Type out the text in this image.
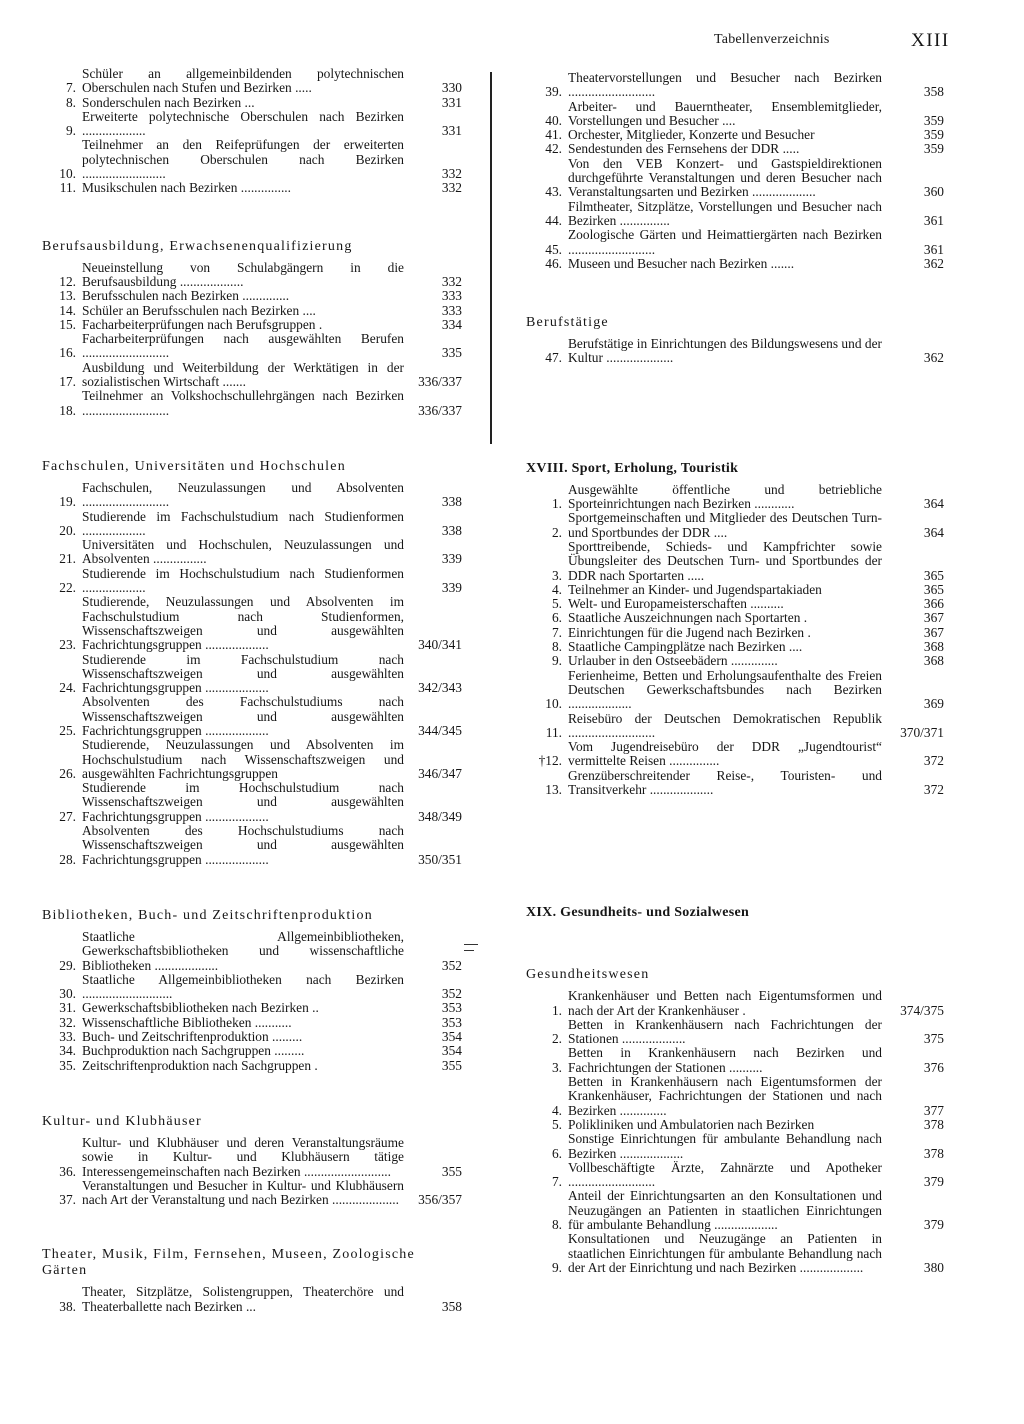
Tabellenverzeichnis	XIII
7.
Schüler an allgemeinbildenden polytechnischen Oberschulen nach Stufen und Bezirken .....	330
8. Sonderschulen nach Bezirken ...	331
9.
Erweiterte polytechnische Oberschulen nach Bezirken ...................	331
10.
Teilnehmer an den Reifeprüfungen der erweiterten polytechnischen Oberschulen nach Bezirken .........................	332
11. Musikschulen nach Bezirken ...............	332
Berufsausbildung, Erwachsenenqualifizierung
12.
Neueinstellung von Schulabgängern in die Berufsausbildung ...................	332
13. Berufsschulen nach Bezirken ..............	333
14. Schüler an Berufsschulen nach Bezirken ....	333
15. Facharbeiterprüfungen nach Berufsgruppen .	334
16.
Facharbeiterprüfungen nach ausgewählten Berufen ..........................	335
17.
Ausbildung und Weiterbildung der Werktätigen in der sozialistischen Wirtschaft .......	336/337
18.
Teilnehmer an Volkshochschullehrgängen nach Bezirken ..........................	336/337
Fachschulen, Universitäten und Hochschulen
19.
Fachschulen, Neuzulassungen und Absolventen ..........................	338
20.
Studierende im Fachschulstudium nach Studienformen ...................	338
21.
Universitäten und Hochschulen, Neuzulassungen und Absolventen ................	339
22.
Studierende im Hochschulstudium nach Studienformen ...................	339
23.
Studierende, Neuzulassungen und Absolventen im Fachschulstudium nach Studienformen, Wissenschaftszweigen und ausgewählten Fachrichtungsgruppen ...................	340/341
24.
Studierende im Fachschulstudium nach Wissenschaftszweigen und ausgewählten Fachrichtungsgruppen ...................	342/343
25.
Absolventen des Fachschulstudiums nach Wissenschaftszweigen und ausgewählten Fachrichtungsgruppen ...................	344/345
26.
Studierende, Neuzulassungen und Absolventen im Hochschulstudium nach Wissenschaftszweigen und ausgewählten Fachrichtungsgruppen	346/347
27.
Studierende im Hochschulstudium nach Wissenschaftszweigen und ausgewählten Fachrichtungsgruppen ...................	348/349
28.
Absolventen des Hochschulstudiums nach Wissenschaftszweigen und ausgewählten Fachrichtungsgruppen ...................	350/351
Bibliotheken, Buch- und Zeitschriftenproduktion
29.
Staatliche Allgemeinbibliotheken, Gewerkschaftsbibliotheken und wissenschaftliche Bibliotheken ...................	352
30.
Staatliche Allgemeinbibliotheken nach Bezirken ...........................	352
31. Gewerkschaftsbibliotheken nach Bezirken ..	353
32. Wissenschaftliche Bibliotheken ...........	353
33. Buch- und Zeitschriftenproduktion .........	354
34. Buchproduktion nach Sachgruppen .........	354
35. Zeitschriftenproduktion nach Sachgruppen .	355
Kultur- und Klubhäuser
36.
Kultur- und Klubhäuser und deren Veranstaltungsräume sowie in Kultur- und Klubhäusern tätige Interessengemeinschaften nach Bezirken ..........................	355
37.
Veranstaltungen und Besucher in Kultur- und Klubhäusern nach Art der Veranstaltung und nach Bezirken ....................	356/357
Theater, Musik, Film, Fernsehen, Museen, Zoologische Gärten
38.
Theater, Sitzplätze, Solistengruppen, Theaterchöre und Theaterballette nach Bezirken ...	358
39.
Theatervorstellungen und Besucher nach Bezirken ..........................	358
40.
Arbeiter- und Bauerntheater, Ensemblemitglieder, Vorstellungen und Besucher ....	359
41. Orchester, Mitglieder, Konzerte und Besucher	359
42. Sendestunden des Fernsehens der DDR .....	359
43.
Von den VEB Konzert- und Gastspieldirektionen durchgeführte Veranstaltungen und deren Besucher nach Veranstaltungsarten und Bezirken ...................	360
44.
Filmtheater, Sitzplätze, Vorstellungen und Besucher nach Bezirken ...............	361
45.
Zoologische Gärten und Heimattiergärten nach Bezirken ..........................	361
46. Museen und Besucher nach Bezirken .......	362
Berufstätige
47.
Berufstätige in Einrichtungen des Bildungswesens und der Kultur ....................	362
XVIII. Sport, Erholung, Touristik
1.
Ausgewählte öffentliche und betriebliche Sporteinrichtungen nach Bezirken ............	364
2.
Sportgemeinschaften und Mitglieder des Deutschen Turn- und Sportbundes der DDR ....	364
3.
Sporttreibende, Schieds- und Kampfrichter sowie Übungsleiter des Deutschen Turn- und Sportbundes der DDR nach Sportarten .....	365
4. Teilnehmer an Kinder- und Jugendspartakiaden	365
5. Welt- und Europameisterschaften ..........	366
6. Staatliche Auszeichnungen nach Sportarten .	367
7. Einrichtungen für die Jugend nach Bezirken .	367
8. Staatliche Campingplätze nach Bezirken ....	368
9. Urlauber in den Ostseebädern ..............	368
10.
Ferienheime, Betten und Erholungsaufenthalte des Freien Deutschen Gewerkschaftsbundes nach Bezirken ...................	369
11.
Reisebüro der Deutschen Demokratischen Republik ..........................	370/371
†12.
Vom Jugendreisebüro der DDR „Jugendtourist“ vermittelte Reisen ...............	372
13.
Grenzüberschreitender Reise-, Touristen- und Transitverkehr ...................	372
XIX. Gesundheits- und Sozialwesen
Gesundheitswesen
1.
Krankenhäuser und Betten nach Eigentumsformen und nach der Art der Krankenhäuser .	374/375
2.
Betten in Krankenhäusern nach Fachrichtungen der Stationen ...................	375
3.
Betten in Krankenhäusern nach Bezirken und Fachrichtungen der Stationen ..........	376
4.
Betten in Krankenhäusern nach Eigentumsformen der Krankenhäuser, Fachrichtungen der Stationen und nach Bezirken ..............	377
5. Polikliniken und Ambulatorien nach Bezirken	378
6.
Sonstige Einrichtungen für ambulante Behandlung nach Bezirken ...................	378
7.
Vollbeschäftigte Ärzte, Zahnärzte und Apotheker ..........................	379
8.
Anteil der Einrichtungsarten an den Konsultationen und Neuzugängen an Patienten in staatlichen Einrichtungen für ambulante Behandlung ...................	379
9.
Konsultationen und Neuzugänge an Patienten in staatlichen Einrichtungen für ambulante Behandlung nach der Art der Einrichtung und nach Bezirken ...................	380
